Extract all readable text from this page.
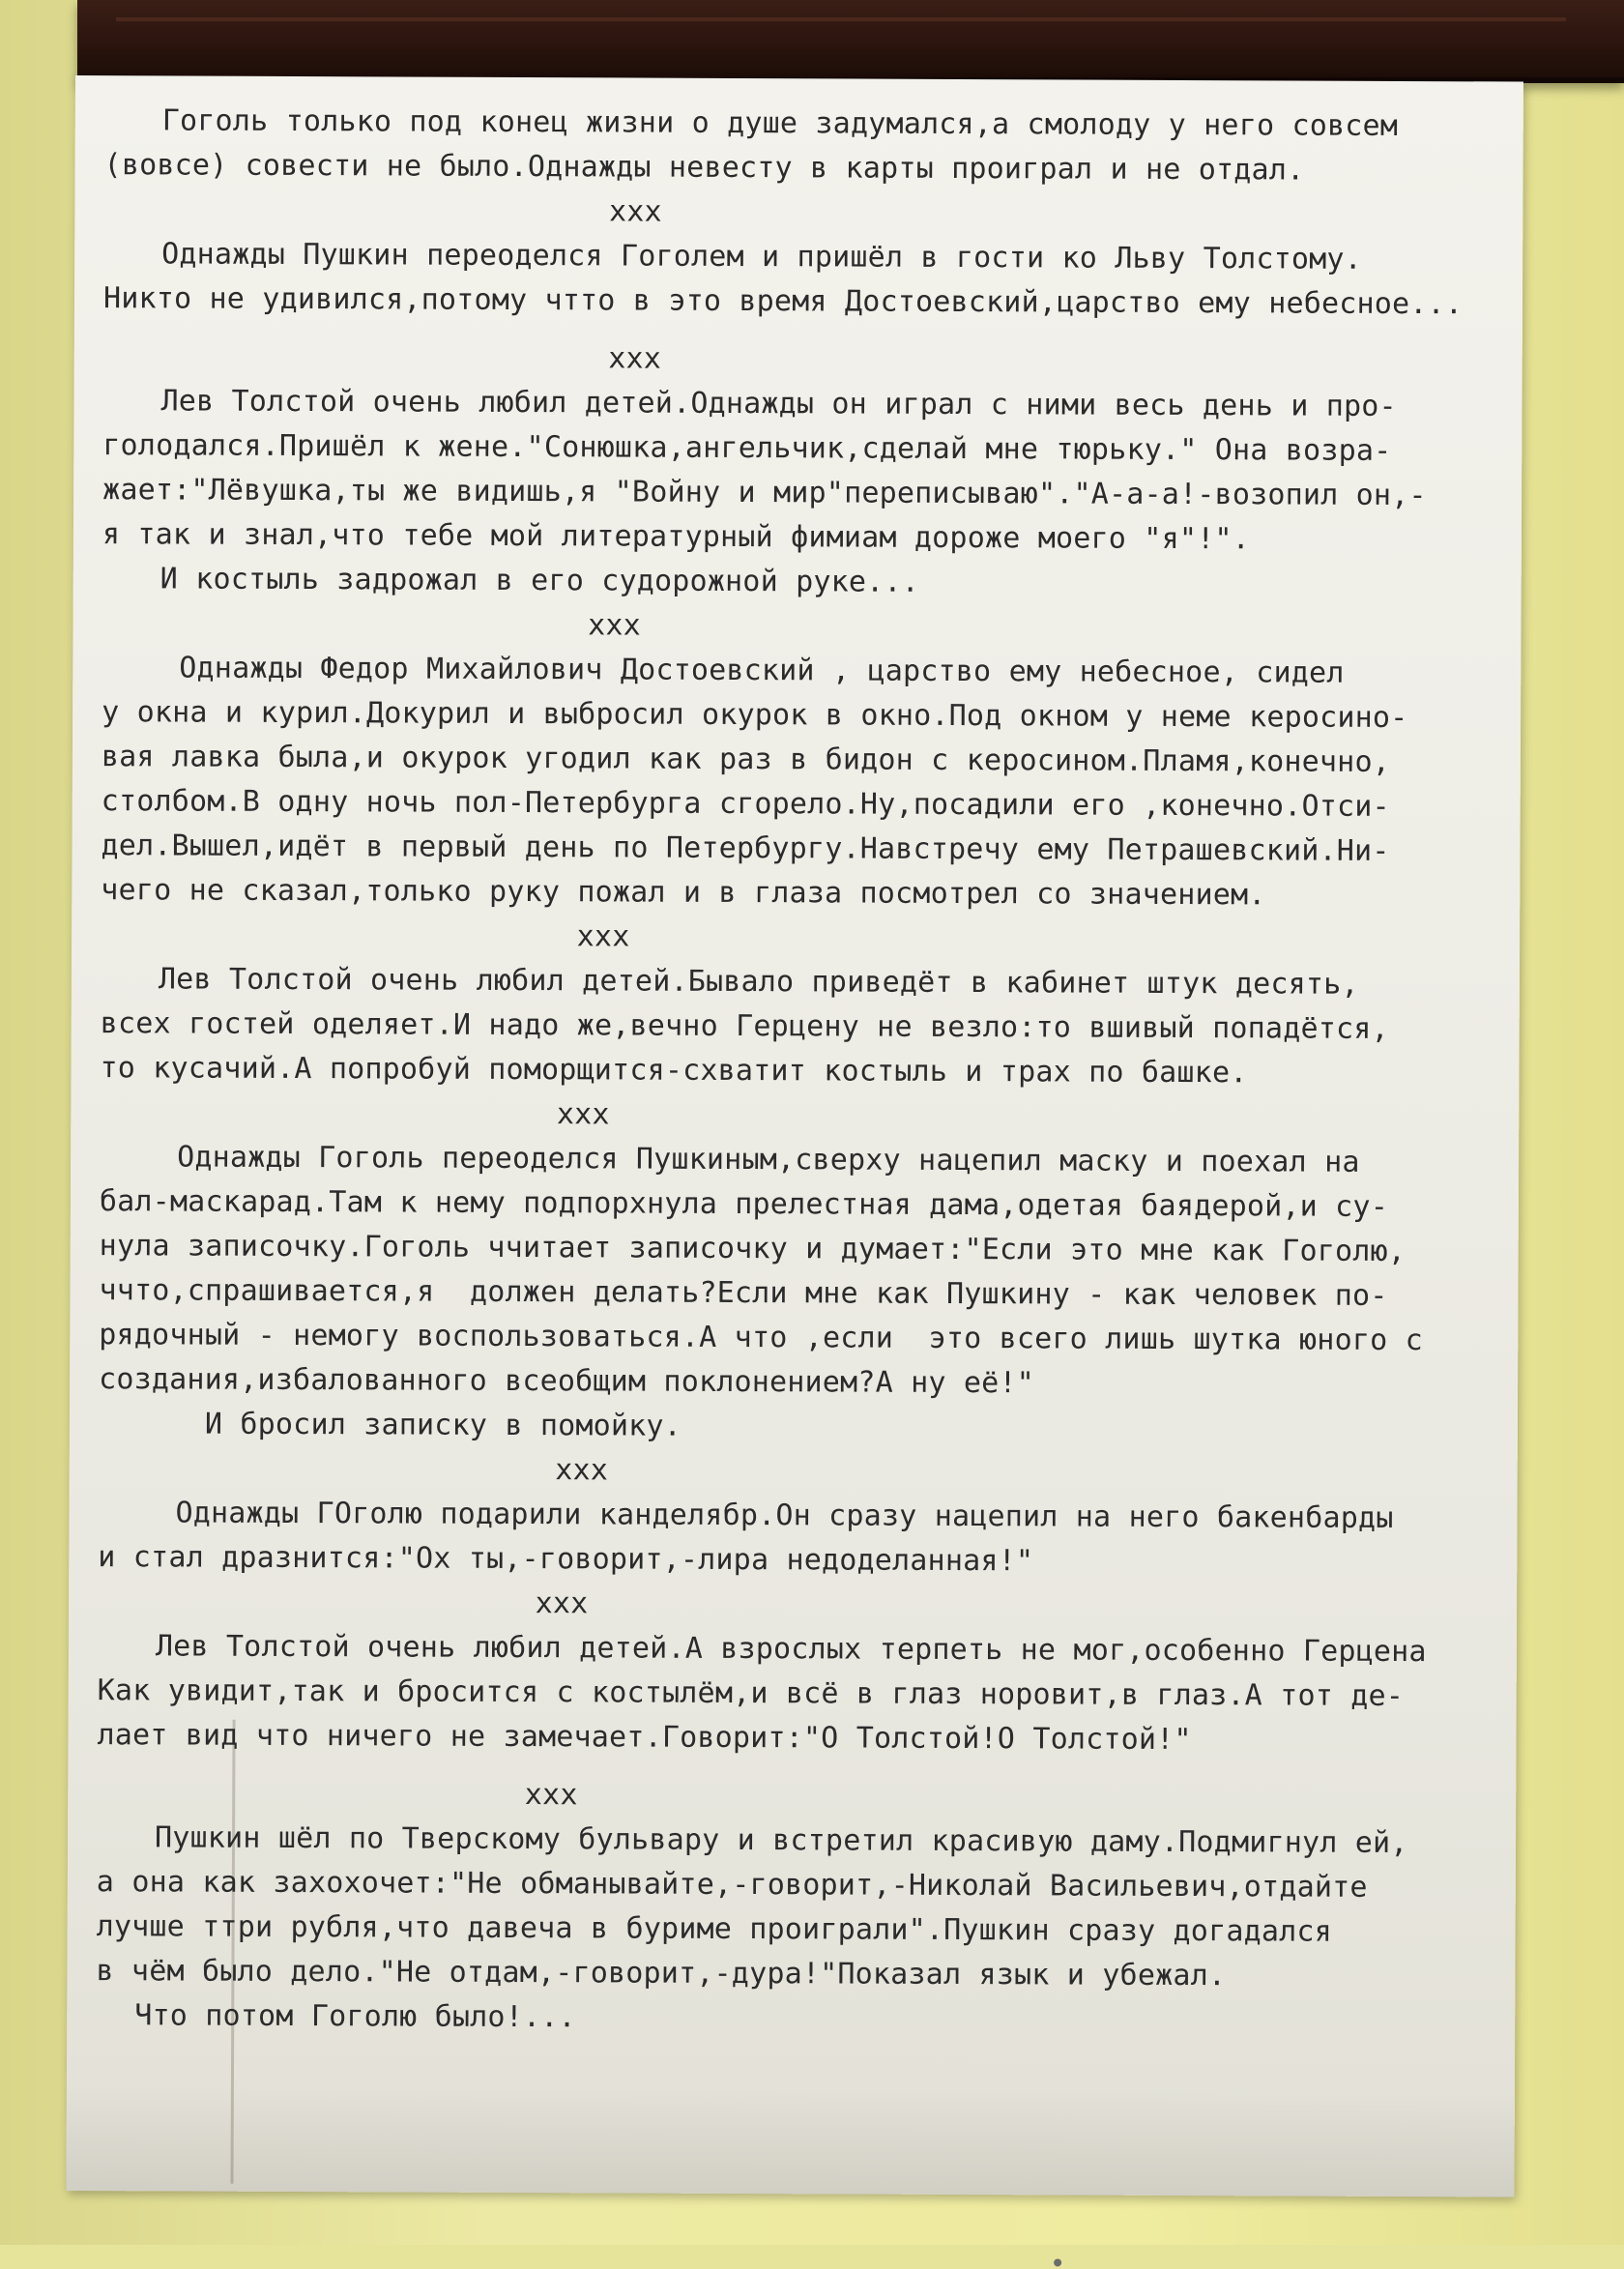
Гоголь только под конец жизни о душе задумался,а смолоду у него совсем
(вовсе) совести не было.Однажды невесту в карты проиграл и не отдал.
xxx
Однажды Пушкин переоделся Гоголем и пришёл в гости ко Льву Толстому.
Никто не удивился,потому чтто в это время Достоевский,царство ему небесное...
xxx
Лев Толстой очень любил детей.Однажды он играл с ними весь день и про-
голодался.Пришёл к жене."Сонюшка,ангельчик,сделай мне тюрьку." Она возра-
жает:"Лёвушка,ты же видишь,я "Войну и мир"переписываю"."А-а-а!-возопил он,-
я так и знал,что тебе мой литературный фимиам дороже моего "я"!".
И костыль задрожал в его судорожной руке...
xxx
Однажды Федор Михайлович Достоевский , царство ему небесное, сидел
у окна и курил.Докурил и выбросил окурок в окно.Под окном у неме керосино-
вая лавка была,и окурок угодил как раз в бидон с керосином.Пламя,конечно,
столбом.В одну ночь пол-Петербурга сгорело.Ну,посадили его ,конечно.Отси-
дел.Вышел,идёт в первый день по Петербургу.Навстречу ему Петрашевский.Ни-
чего не сказал,только руку пожал и в глаза посмотрел со значением.
xxx
Лев Толстой очень любил детей.Бывало приведёт в кабинет штук десять,
всех гостей оделяет.И надо же,вечно Герцену не везло:то вшивый попадётся,
то кусачий.А попробуй поморщится-схватит костыль и трах по башке.
xxx
Однажды Гоголь переоделся Пушкиным,сверху нацепил маску и поехал на
бал-маскарад.Там к нему подпорхнула прелестная дама,одетая баядерой,и су-
нула записочку.Гоголь ччитает записочку и думает:"Если это мне как Гоголю,
ччто,спрашивается,я  должен делать?Если мне как Пушкину - как человек по-
рядочный - немогу воспользоваться.А что ,если  это всего лишь шутка юного с
создания,избалованного всеобщим поклонением?А ну её!"
И бросил записку в помойку.
xxx
Однажды ГОголю подарили канделябр.Он сразу нацепил на него бакенбарды
и стал дразнится:"Ох ты,-говорит,-лира недоделанная!"
xxx
Лев Толстой очень любил детей.А взрослых терпеть не мог,особенно Герцена
Как увидит,так и бросится с костылём,и всё в глаз норовит,в глаз.А тот де-
лает вид что ничего не замечает.Говорит:"О Толстой!О Толстой!"
xxx
Пушкин шёл по Тверскому бульвару и встретил красивую даму.Подмигнул ей,
а она как захохочет:"Не обманывайте,-говорит,-Николай Васильевич,отдайте
лучше ттри рубля,что давеча в буриме проиграли".Пушкин сразу догадался
в чём было дело."Не отдам,-говорит,-дура!"Показал язык и убежал.
Что потом Гоголю было!...
